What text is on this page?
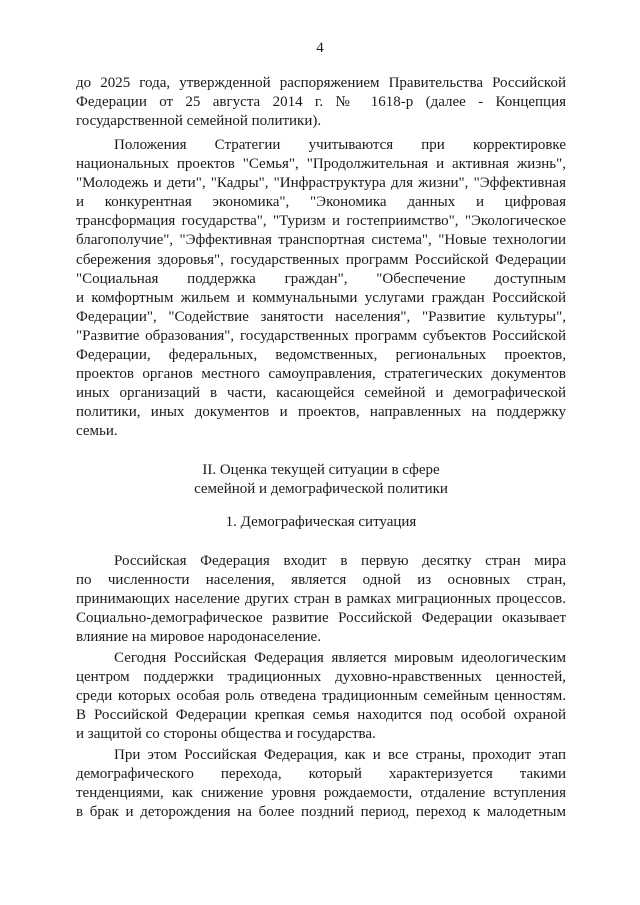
4
до 2025 года, утвержденной распоряжением Правительства Российской
Федерации от 25 августа 2014 г. № 1618-р (далее - Концепция
государственной семейной политики).
Положения Стратегии учитываются при корректировке
национальных проектов "Семья", "Продолжительная и активная жизнь",
"Молодежь и дети", "Кадры", "Инфраструктура для жизни", "Эффективная
и конкурентная экономика", "Экономика данных и цифровая
трансформация государства", "Туризм и гостеприимство", "Экологическое
благополучие", "Эффективная транспортная система", "Новые технологии
сбережения здоровья", государственных программ Российской Федерации
"Социальная поддержка граждан", "Обеспечение доступным
и комфортным жильем и коммунальными услугами граждан Российской
Федерации", "Содействие занятости населения", "Развитие культуры",
"Развитие образования", государственных программ субъектов Российской
Федерации, федеральных, ведомственных, региональных проектов,
проектов органов местного самоуправления, стратегических документов
иных организаций в части, касающейся семейной и демографической
политики, иных документов и проектов, направленных на поддержку
семьи.
II. Оценка текущей ситуации в сфере
семейной и демографической политики
1. Демографическая ситуация
Российская Федерация входит в первую десятку стран мира
по численности населения, является одной из основных стран,
принимающих население других стран в рамках миграционных процессов.
Социально-демографическое развитие Российской Федерации оказывает
влияние на мировое народонаселение.
Сегодня Российская Федерация является мировым идеологическим
центром поддержки традиционных духовно-нравственных ценностей,
среди которых особая роль отведена традиционным семейным ценностям.
В Российской Федерации крепкая семья находится под особой охраной
и защитой со стороны общества и государства.
При этом Российская Федерация, как и все страны, проходит этап
демографического перехода, который характеризуется такими
тенденциями, как снижение уровня рождаемости, отдаление вступления
в брак и деторождения на более поздний период, переход к малодетным
